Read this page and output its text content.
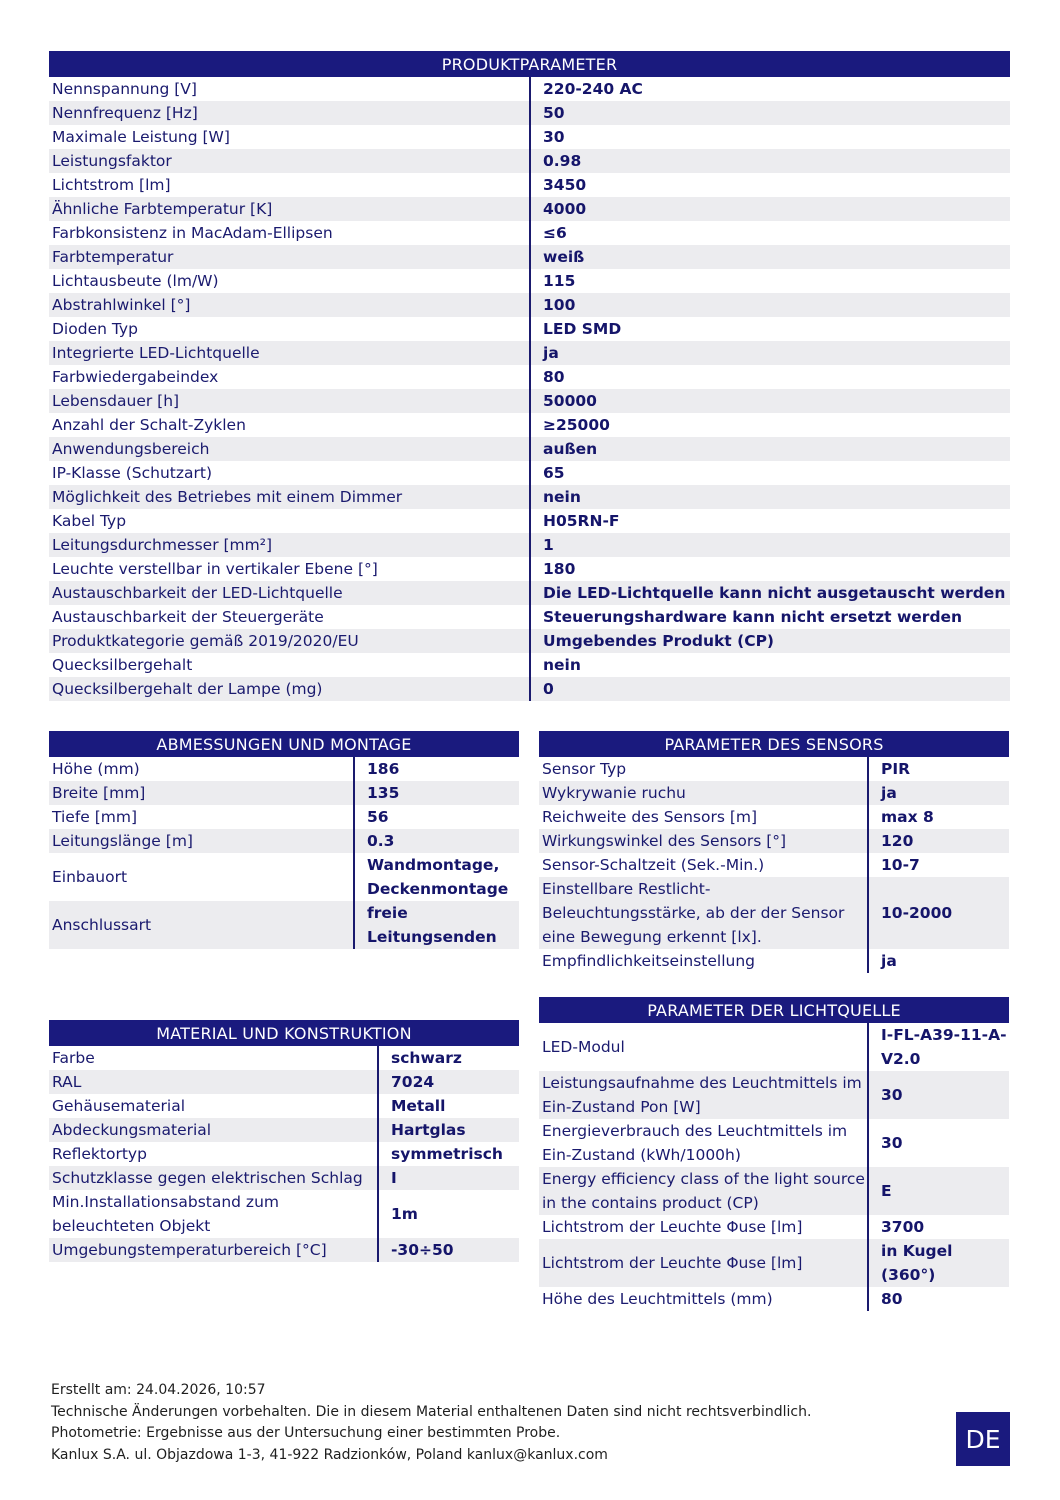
PRODUKTPARAMETER	
Nennspannung [V]	220-240 AC
Nennfrequenz [Hz]	50
Maximale Leistung [W]	30
Leistungsfaktor	0.98
Lichtstrom [lm]	3450
Ähnliche Farbtemperatur [K]	4000
Farbkonsistenz in MacAdam-Ellipsen	≤6
Farbtemperatur	weiß
Lichtausbeute (lm/W)	115
Abstrahlwinkel [°]	100
Dioden Typ	LED SMD
Integrierte LED-Lichtquelle	ja
Farbwiedergabeindex	80
Lebensdauer [h]	50000
Anzahl der Schalt-Zyklen	≥25000
Anwendungsbereich	außen
IP-Klasse (Schutzart)	65
Möglichkeit des Betriebes mit einem Dimmer	nein
Kabel Typ	H05RN-F
Leitungsdurchmesser [mm²]	1
Leuchte verstellbar in vertikaler Ebene [°]	180
Austauschbarkeit der LED-Lichtquelle	Die LED-Lichtquelle kann nicht ausgetauscht werden
Austauschbarkeit der Steuergeräte	Steuerungshardware kann nicht ersetzt werden
Produktkategorie gemäß 2019/2020/EU	Umgebendes Produkt (CP)
Quecksilbergehalt	nein
Quecksilbergehalt der Lampe (mg)	0
ABMESSUNGEN UND MONTAGE	
Höhe (mm)	186
Breite [mm]	135
Tiefe [mm]	56
Leitungslänge [m]	0.3
Einbauort	Wandmontage, Deckenmontage
Anschlussart	freie Leitungsenden
PARAMETER DES SENSORS	
Sensor Typ	PIR
Wykrywanie ruchu	ja
Reichweite des Sensors [m]	max 8
Wirkungswinkel des Sensors [°]	120
Sensor-Schaltzeit (Sek.-Min.)	10-7
Einstellbare Restlicht-Beleuchtungsstärke, ab der der Sensor eine Bewegung erkennt [lx].	10-2000
Empfindlichkeitseinstellung	ja
MATERIAL UND KONSTRUKTION	
Farbe	schwarz
RAL	7024
Gehäusematerial	Metall
Abdeckungsmaterial	Hartglas
Reflektortyp	symmetrisch
Schutzklasse gegen elektrischen Schlag	I
Min.Installationsabstand zum beleuchteten Objekt	1m
Umgebungstemperaturbereich [°C]	-30÷50
PARAMETER DER LICHTQUELLE	
LED-Modul	I-FL-A39-11-A-V2.0
Leistungsaufnahme des Leuchtmittels im Ein-Zustand Pon [W]	30
Energieverbrauch des Leuchtmittels im Ein-Zustand (kWh/1000h)	30
Energy efficiency class of the light source in the contains product (CP)	E
Lichtstrom der Leuchte Φuse [lm]	3700
Lichtstrom der Leuchte Φuse [lm]	in Kugel (360°)
Höhe des Leuchtmittels (mm)	80
Erstellt am: 24.04.2026, 10:57
Technische Änderungen vorbehalten. Die in diesem Material enthaltenen Daten sind nicht rechtsverbindlich.
Photometrie: Ergebnisse aus der Untersuchung einer bestimmten Probe.
Kanlux S.A. ul. Objazdowa 1-3, 41-922 Radzionków, Poland kanlux@kanlux.com
DE
